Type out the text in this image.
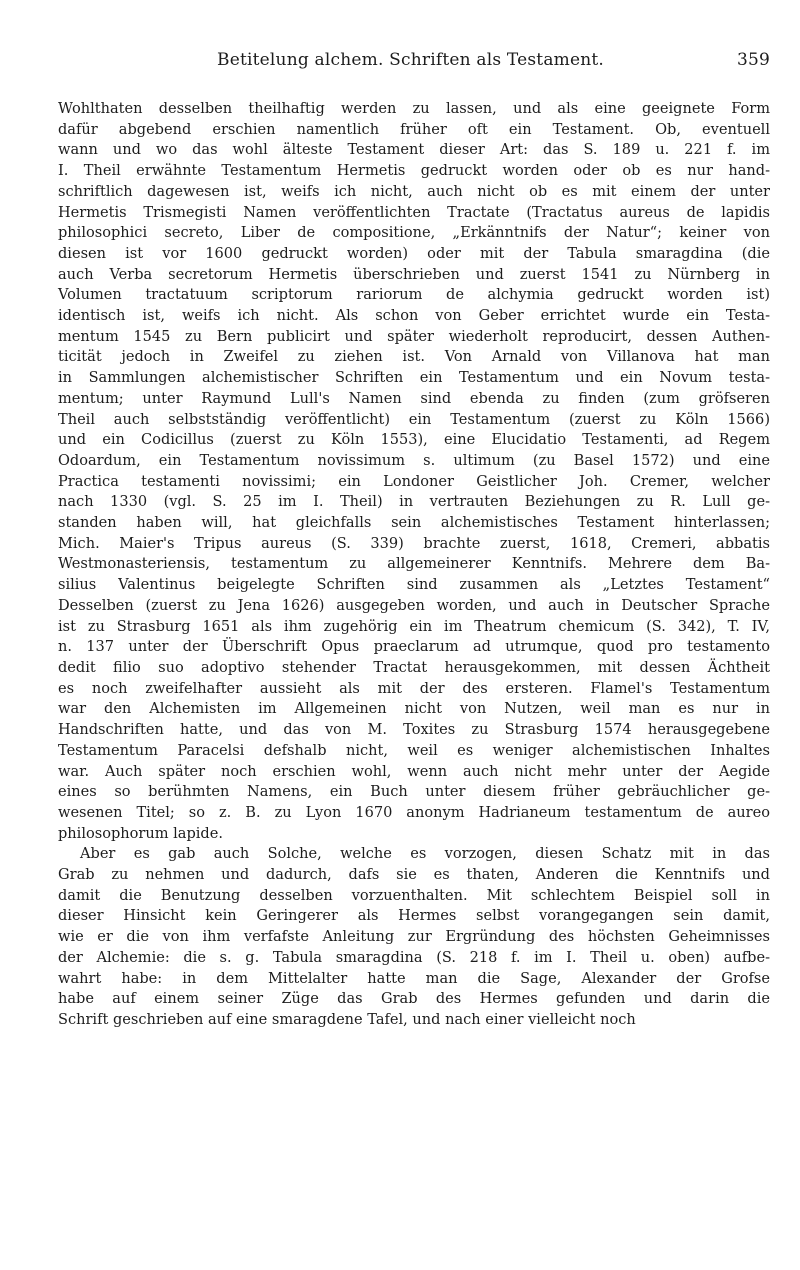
Betitelung alchem. Schriften als Testament.	359
Wohlthaten desselben theilhaftig werden zu lassen, und als eine geeignete Form
dafür abgebend erschien namentlich früher oft ein Testament. Ob, eventuell
wann und wo das wohl älteste Testament dieser Art: das S. 189 u. 221 f. im
I. Theil erwähnte Testamentum Hermetis gedruckt worden oder ob es nur hand-
schriftlich dagewesen ist, weifs ich nicht, auch nicht ob es mit einem der unter
Hermetis Trismegisti Namen veröffentlichten Tractate (Tractatus aureus de lapidis
philosophici secreto, Liber de compositione, „Erkänntnifs der Natur“; keiner von
diesen ist vor 1600 gedruckt worden) oder mit der Tabula smaragdina (die
auch Verba secretorum Hermetis überschrieben und zuerst 1541 zu Nürnberg in
Volumen tractatuum scriptorum rariorum de alchymia gedruckt worden ist)
identisch ist, weifs ich nicht. Als schon von Geber errichtet wurde ein Testa-
mentum 1545 zu Bern publicirt und später wiederholt reproducirt, dessen Authen-
ticität jedoch in Zweifel zu ziehen ist. Von Arnald von Villanova hat man
in Sammlungen alchemistischer Schriften ein Testamentum und ein Novum testa-
mentum; unter Raymund Lull's Namen sind ebenda zu finden (zum gröfseren
Theil auch selbstständig veröffentlicht) ein Testamentum (zuerst zu Köln 1566)
und ein Codicillus (zuerst zu Köln 1553), eine Elucidatio Testamenti, ad Regem
Odoardum, ein Testamentum novissimum s. ultimum (zu Basel 1572) und eine
Practica testamenti novissimi; ein Londoner Geistlicher Joh. Cremer, welcher
nach 1330 (vgl. S. 25 im I. Theil) in vertrauten Beziehungen zu R. Lull ge-
standen haben will, hat gleichfalls sein alchemistisches Testament hinterlassen;
Mich. Maier's Tripus aureus (S. 339) brachte zuerst, 1618, Cremeri, abbatis
Westmonasteriensis, testamentum zu allgemeinerer Kenntnifs. Mehrere dem Ba-
silius Valentinus beigelegte Schriften sind zusammen als „Letztes Testament“
Desselben (zuerst zu Jena 1626) ausgegeben worden, und auch in Deutscher Sprache
ist zu Strasburg 1651 als ihm zugehörig ein im Theatrum chemicum (S. 342), T. IV,
n. 137 unter der Überschrift Opus praeclarum ad utrumque, quod pro testamento
dedit filio suo adoptivo stehender Tractat herausgekommen, mit dessen Ächtheit
es noch zweifelhafter aussieht als mit der des ersteren. Flamel's Testamentum
war den Alchemisten im Allgemeinen nicht von Nutzen, weil man es nur in
Handschriften hatte, und das von M. Toxites zu Strasburg 1574 herausgegebene
Testamentum Paracelsi defshalb nicht, weil es weniger alchemistischen Inhaltes
war. Auch später noch erschien wohl, wenn auch nicht mehr unter der Aegide
eines so berühmten Namens, ein Buch unter diesem früher gebräuchlicher ge-
wesenen Titel; so z. B. zu Lyon 1670 anonym Hadrianeum testamentum de aureo
philosophorum lapide.
Aber es gab auch Solche, welche es vorzogen, diesen Schatz mit in das
Grab zu nehmen und dadurch, dafs sie es thaten, Anderen die Kenntnifs und
damit die Benutzung desselben vorzuenthalten. Mit schlechtem Beispiel soll in
dieser Hinsicht kein Geringerer als Hermes selbst vorangegangen sein damit,
wie er die von ihm verfafste Anleitung zur Ergründung des höchsten Geheimnisses
der Alchemie: die s. g. Tabula smaragdina (S. 218 f. im I. Theil u. oben) aufbe-
wahrt habe: in dem Mittelalter hatte man die Sage, Alexander der Grofse
habe auf einem seiner Züge das Grab des Hermes gefunden und darin die
Schrift geschrieben auf eine smaragdene Tafel, und nach einer vielleicht noch
